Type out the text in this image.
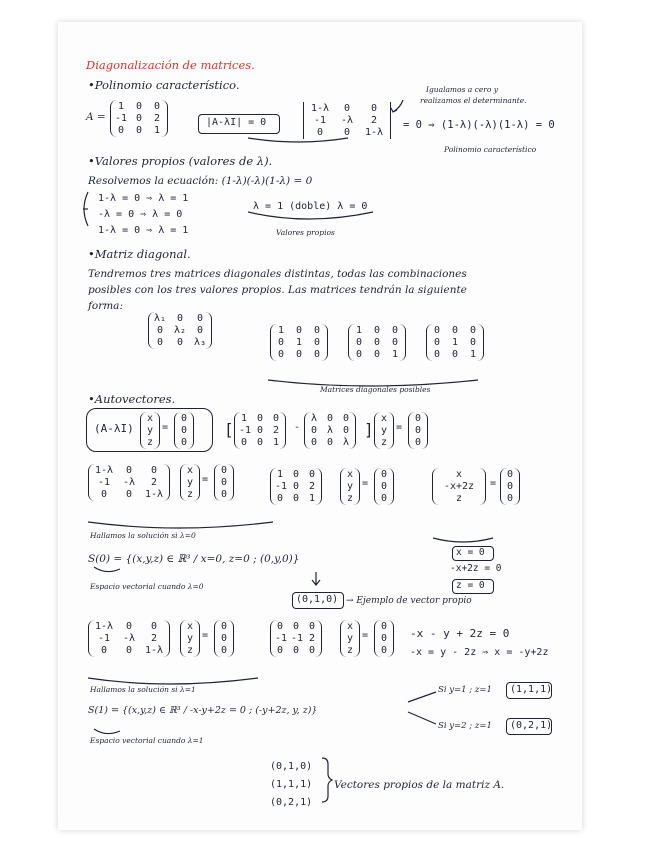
Diagonalización de matrices.
•Polinomio característico.
A =
1 0 0
-1 0 2
0 0 1
|A-λI| = 0
1-λ	0	0
-1	-λ	2
0	0	1-λ
Igualamos a cero y
realizamos el determinante.
= 0 ⇒ (1-λ)(-λ)(1-λ) = 0
Polinomio característico
•Valores propios (valores de λ).
Resolvemos la ecuación: (1-λ)(-λ)(1-λ) = 0
1-λ = 0 ⇒ λ = 1
-λ = 0 ⇒ λ = 0
1-λ = 0 ⇒ λ = 1
λ = 1 (doble) λ = 0
Valores propios
•Matriz diagonal.
Tendremos tres matrices diagonales distintas, todas las combinaciones
posibles con los tres valores propios. Las matrices tendrán la siguiente
forma:
λ₁	0	0
0	λ₂	0
0	0	λ₃
1 0 0
0 1 0
0 0 0
1 0 0
0 0 0
0 0 1
0 0 0
0 1 0
0 0 1
Matrices diagonales posibles
•Autovectores.
(A-λI)
x
y
z
=
0
0
0
[
1 0 0
-1 0 2
0 0 1
-
λ 0 0
0 λ 0
0 0 λ
]
x
y
z
=
0
0
0
1-λ	0	0
-1	-λ	2
0	0	1-λ
x
y
z
=
0
0
0
1 0 0
-1 0 2
0 0 1
x
y
z
=
0
0
0
x
-x+2z
z
=
0
0
0
Hallamos la solución si λ=0
x = 0
-x+2z = 0
z = 0
S(0) = {(x,y,z) ∈ ℝ³ / x=0, z=0 ; (0,y,0)}
Espacio vectorial cuando λ=0
(0,1,0) → Ejemplo de vector propio
1-λ	0	0
-1	-λ	2
0	0	1-λ
x
y
z
=
0
0
0
0 0 0
-1 -1 2
0 0 0
x
y
z
=
0
0
0
-x - y + 2z = 0
-x = y - 2z ⇒ x = -y+2z
Hallamos la solución si λ=1
S(1) = {(x,y,z) ∈ ℝ³ / -x-y+2z = 0 ; (-y+2z, y, z)}
Espacio vectorial cuando λ=1
Si y=1 ; z=1 (1,1,1)
Si y=2 ; z=1 (0,2,1)
(0,1,0)
(1,1,1)
(0,2,1)
Vectores propios de la matriz A.
